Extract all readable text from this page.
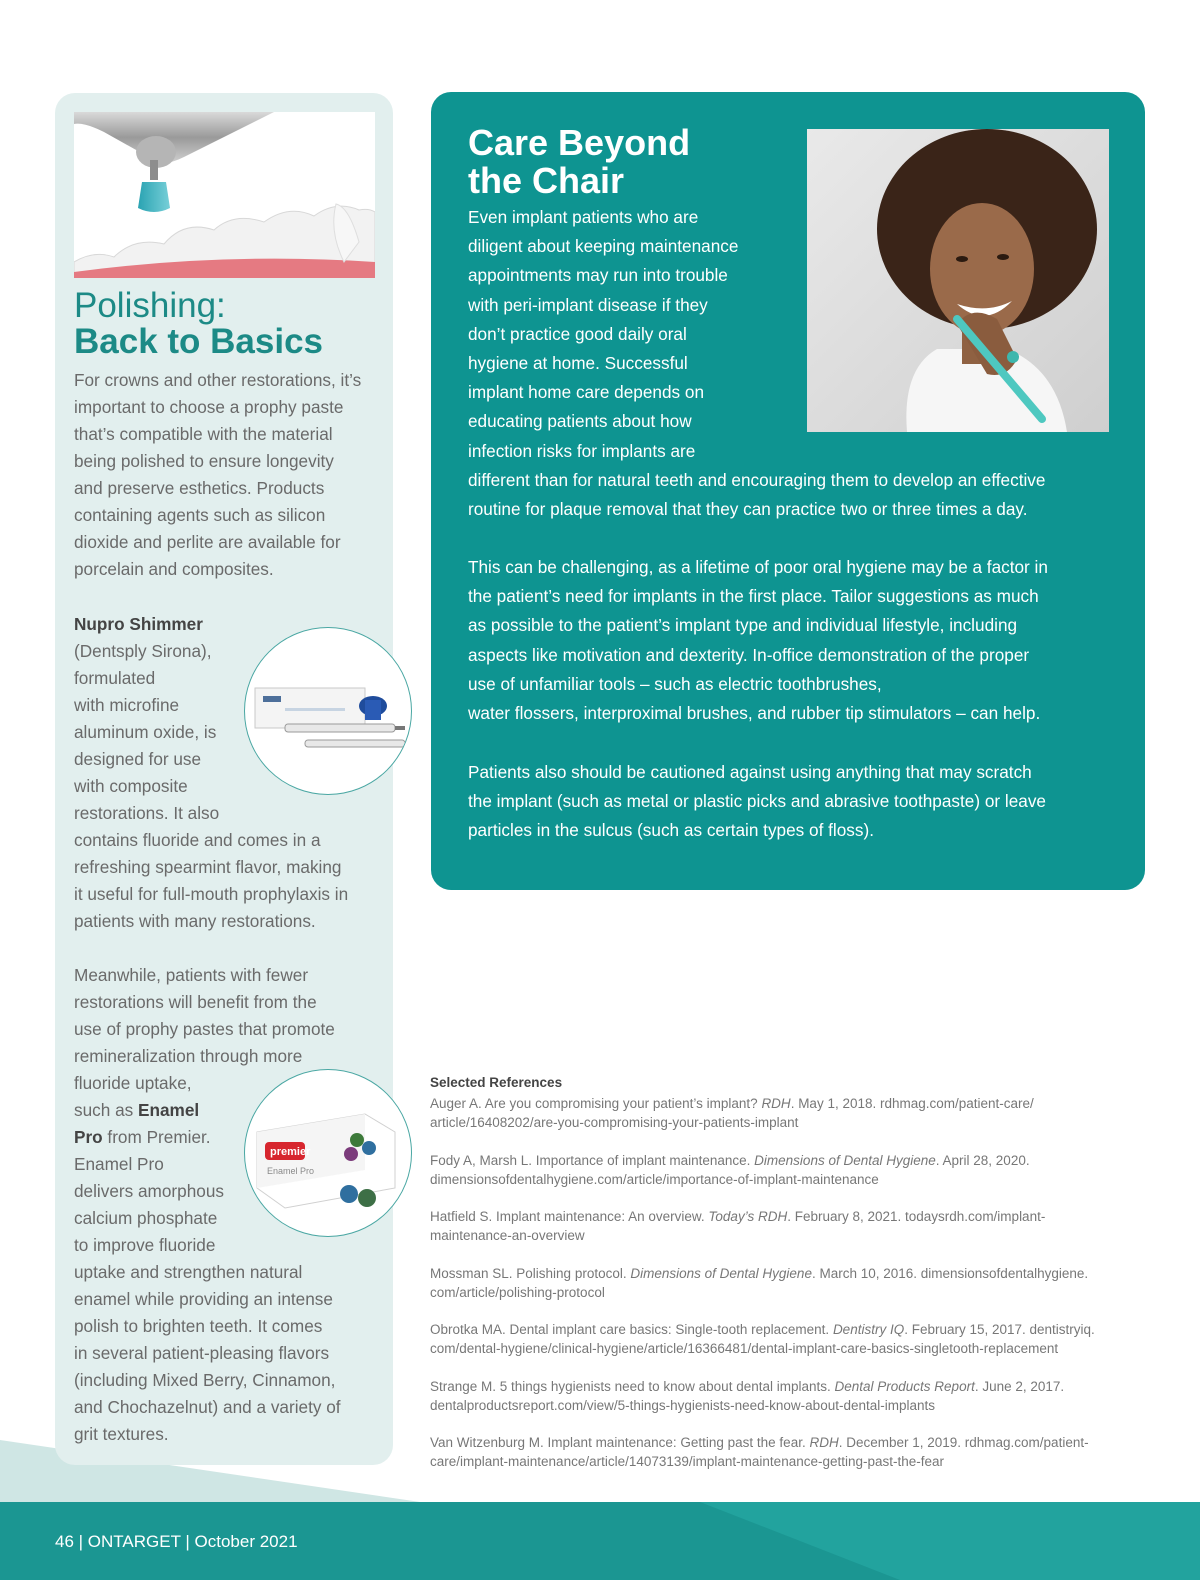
Polishing:
Back to Basics
For crowns and other restorations, it’s
important to choose a prophy paste
that’s compatible with the material
being polished to ensure longevity
and preserve esthetics. Products
containing agents such as silicon
dioxide and perlite are available for
porcelain and composites.
Nupro Shimmer
(Dentsply Sirona),
formulated
with microfine
aluminum oxide, is
designed for use
with composite
restorations. It also
contains fluoride and comes in a
refreshing spearmint flavor, making
it useful for full-mouth prophylaxis in
patients with many restorations.
Meanwhile, patients with fewer
restorations will benefit from the
use of prophy pastes that promote
remineralization through more
fluoride uptake,
such as Enamel
Pro from Premier.
Enamel Pro
delivers amorphous
calcium phosphate
to improve fluoride
uptake and strengthen natural
enamel while providing an intense
polish to brighten teeth. It comes
in several patient-pleasing flavors
(including Mixed Berry, Cinnamon,
and Chochazelnut) and a variety of
grit textures.
premier
Enamel Pro
Care Beyond
the Chair
Even implant patients who are
diligent about keeping maintenance
appointments may run into trouble
with peri-implant disease if they
don’t practice good daily oral
hygiene at home. Successful
implant home care depends on
educating patients about how
infection risks for implants are
different than for natural teeth and encouraging them to develop an effective
routine for plaque removal that they can practice two or three times a day.
This can be challenging, as a lifetime of poor oral hygiene may be a factor in
the patient’s need for implants in the first place. Tailor suggestions as much
as possible to the patient’s implant type and individual lifestyle, including
aspects like motivation and dexterity. In-office demonstration of the proper
use of unfamiliar tools – such as electric toothbrushes,
water flossers, interproximal brushes, and rubber tip stimulators – can help.
Patients also should be cautioned against using anything that may scratch
the implant (such as metal or plastic picks and abrasive toothpaste) or leave
particles in the sulcus (such as certain types of floss).
Selected References
Auger A. Are you compromising your patient’s implant? RDH. May 1, 2018. rdhmag.com/patient-care/
article/16408202/are-you-compromising-your-patients-implant
Fody A, Marsh L. Importance of implant maintenance. Dimensions of Dental Hygiene. April 28, 2020.
dimensionsofdentalhygiene.com/article/importance-of-implant-maintenance
Hatfield S. Implant maintenance: An overview. Today’s RDH. February 8, 2021. todaysrdh.com/implant-
maintenance-an-overview
Mossman SL. Polishing protocol. Dimensions of Dental Hygiene. March 10, 2016. dimensionsofdentalhygiene.
com/article/polishing-protocol
Obrotka MA. Dental implant care basics: Single-tooth replacement. Dentistry IQ. February 15, 2017. dentistryiq.
com/dental-hygiene/clinical-hygiene/article/16366481/dental-implant-care-basics-singletooth-replacement
Strange M. 5 things hygienists need to know about dental implants. Dental Products Report. June 2, 2017.
dentalproductsreport.com/view/5-things-hygienists-need-know-about-dental-implants
Van Witzenburg M. Implant maintenance: Getting past the fear. RDH. December 1, 2019. rdhmag.com/patient-
care/implant-maintenance/article/14073139/implant-maintenance-getting-past-the-fear
46 | ONTARGET | October 2021
